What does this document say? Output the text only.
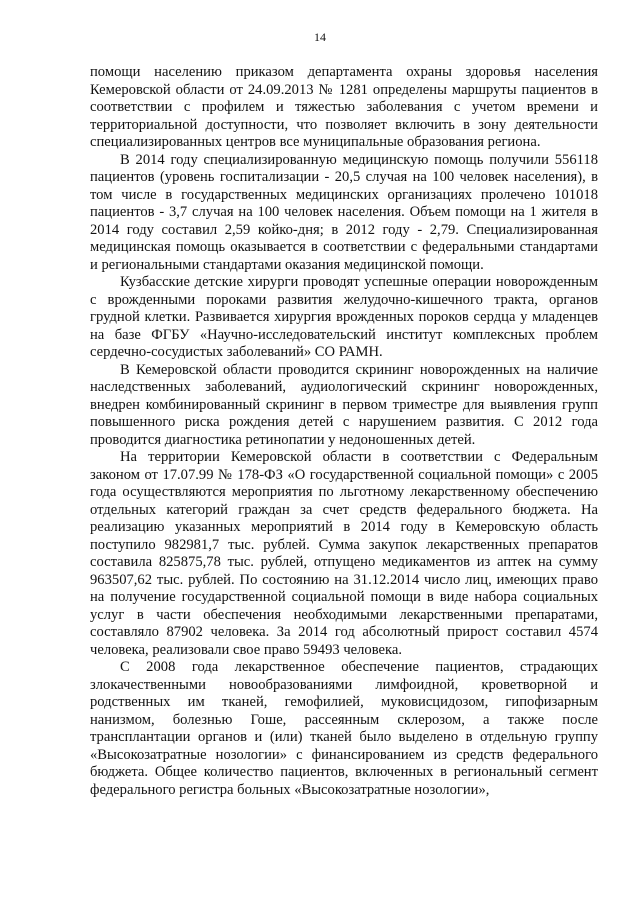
14

помощи населению приказом департамента охраны здоровья населения Кемеровской области от 24.09.2013 № 1281 определены маршруты пациентов в соответствии с профилем и тяжестью заболевания с учетом времени и территориальной доступности, что позволяет включить в зону деятельности специализированных центров все муниципальные образования региона.

В 2014 году специализированную медицинскую помощь получили 556118 пациентов (уровень госпитализации - 20,5 случая на 100 человек населения), в том числе в государственных медицинских организациях пролечено 101018 пациентов - 3,7 случая на 100 человек населения. Объем помощи на 1 жителя в 2014 году составил 2,59 койко-дня; в 2012 году - 2,79. Специализированная медицинская помощь оказывается в соответствии с федеральными стандартами и региональными стандартами оказания медицинской помощи.

Кузбасские детские хирурги проводят успешные операции новорожденным с врожденными пороками развития желудочно-кишечного тракта, органов грудной клетки. Развивается хирургия врожденных пороков сердца у младенцев на базе ФГБУ «Научно-исследовательский институт комплексных проблем сердечно-сосудистых заболеваний» СО РАМН.

В Кемеровской области проводится скрининг новорожденных на наличие наследственных заболеваний, аудиологический скрининг новорожденных, внедрен комбинированный скрининг в первом триместре для выявления групп повышенного риска рождения детей с нарушением развития. С 2012 года проводится диагностика ретинопатии у недоношенных детей.

На территории Кемеровской области в соответствии с Федеральным законом от 17.07.99 № 178-ФЗ «О государственной социальной помощи» с 2005 года осуществляются мероприятия по льготному лекарственному обеспечению отдельных категорий граждан за счет средств федерального бюджета. На реализацию указанных мероприятий в 2014 году в Кемеровскую область поступило 982981,7 тыс. рублей. Сумма закупок лекарственных препаратов составила 825875,78 тыс. рублей, отпущено медикаментов из аптек на сумму 963507,62 тыс. рублей. По состоянию на 31.12.2014 число лиц, имеющих право на получение государственной социальной помощи в виде набора социальных услуг в части обеспечения необходимыми лекарственными препаратами, составляло 87902 человека. За 2014 год абсолютный прирост составил 4574 человека, реализовали свое право 59493 человека.

С 2008 года лекарственное обеспечение пациентов, страдающих злокачественными новообразованиями лимфоидной, кроветворной и родственных им тканей, гемофилией, муковисцидозом, гипофизарным нанизмом, болезнью Гоше, рассеянным склерозом, а также после трансплантации органов и (или) тканей было выделено в отдельную группу «Высокозатратные нозологии» с финансированием из средств федерального бюджета. Общее количество пациентов, включенных в региональный сегмент федерального регистра больных «Высокозатратные нозологии»,
